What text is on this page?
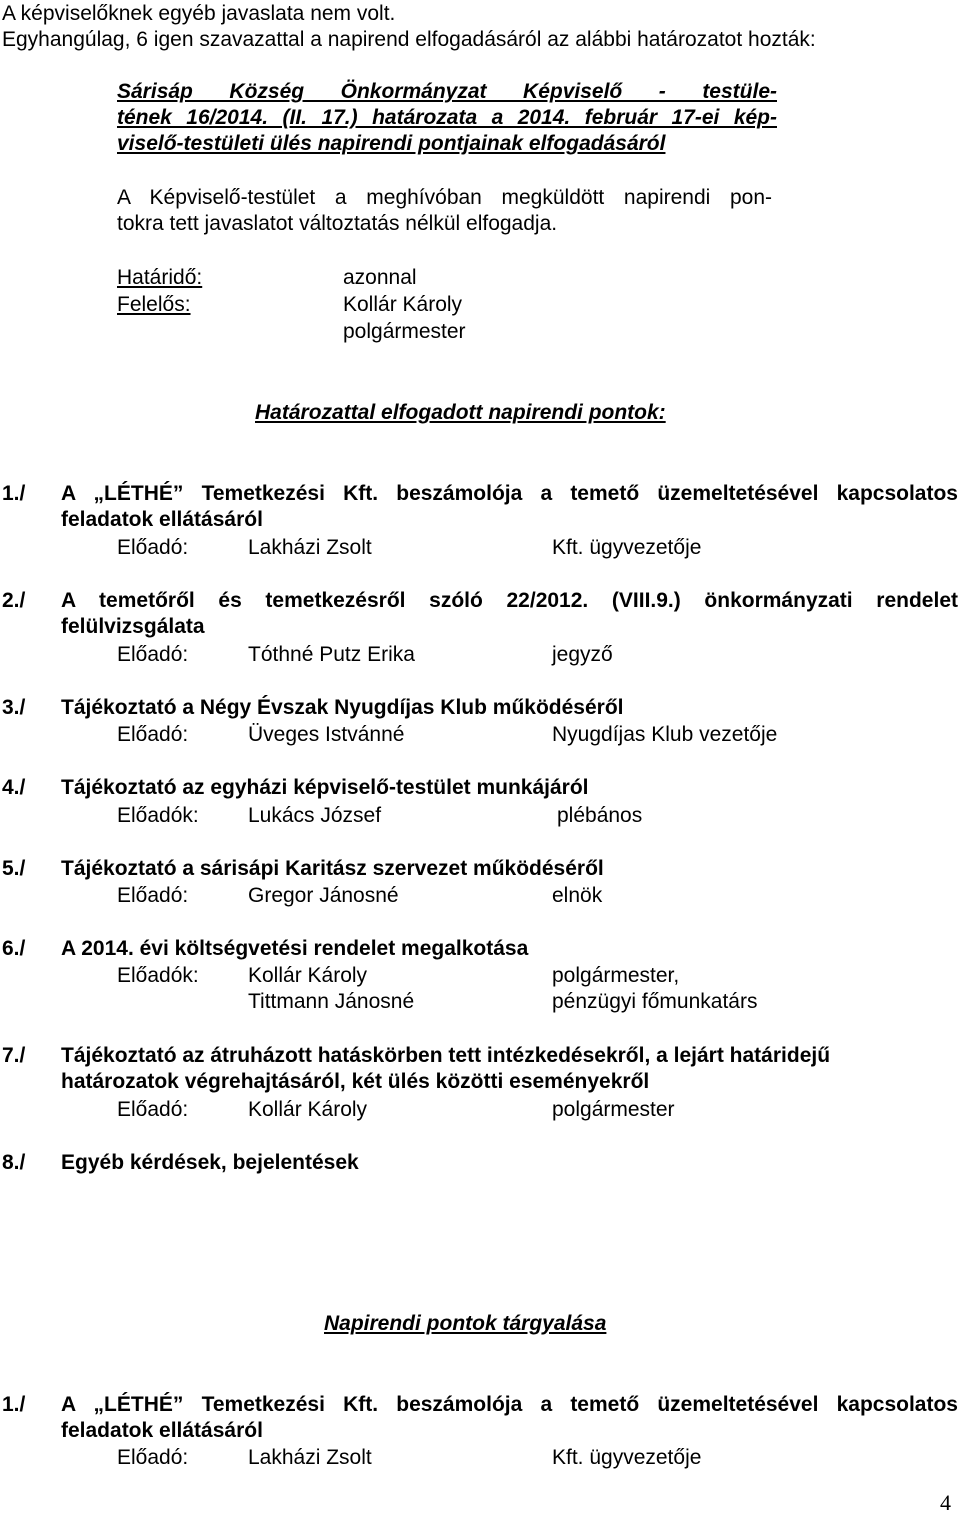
A képviselőknek egyéb javaslata nem volt.
Egyhangúlag, 6 igen szavazattal a napirend elfogadásáról az alábbi határozatot hozták:
Sárisáp Község Önkormányzat Képviselő - testüle-
tének 16/2014. (II. 17.) határozata a 2014. február 17-ei kép-
viselő-testületi ülés napirendi pontjainak elfogadásáról
A Képviselő-testület a meghívóban megküldött napirendi pon-
tokra tett javaslatot változtatás nélkül elfogadja.
Határidő:	azonnal
Felelős:	Kollár Károly
polgármester
Határozattal elfogadott napirendi pontok:
1./ A „LÉTHÉ” Temetkezési Kft. beszámolója a temető üzemeltetésével kapcsolatos
feladatok ellátásáról
Előadó:	Lakházi Zsolt	Kft. ügyvezetője
2./ A temetőről és temetkezésről szóló 22/2012. (VIII.9.) önkormányzati rendelet
felülvizsgálata
Előadó:	Tóthné Putz Erika	jegyző
3./ Tájékoztató a Négy Évszak Nyugdíjas Klub működéséről
Előadó:	Üveges Istvánné	Nyugdíjas Klub vezetője
4./ Tájékoztató az egyházi képviselő-testület munkájáról
Előadók: Lukács József	plébános
5./ Tájékoztató a sárisápi Karitász szervezet működéséről
Előadó:	Gregor Jánosné	elnök
6./ A 2014. évi költségvetési rendelet megalkotása
Előadók: Kollár Károly	polgármester,
Tittmann Jánosné	pénzügyi főmunkatárs
7./ Tájékoztató az átruházott hatáskörben tett intézkedésekről, a lejárt határidejű
határozatok végrehajtásáról, két ülés közötti eseményekről
Előadó:	Kollár Károly	polgármester
8./ Egyéb kérdések, bejelentések
Napirendi pontok tárgyalása
1./ A „LÉTHÉ” Temetkezési Kft. beszámolója a temető üzemeltetésével kapcsolatos
feladatok ellátásáról
Előadó:	Lakházi Zsolt	Kft. ügyvezetője
4
